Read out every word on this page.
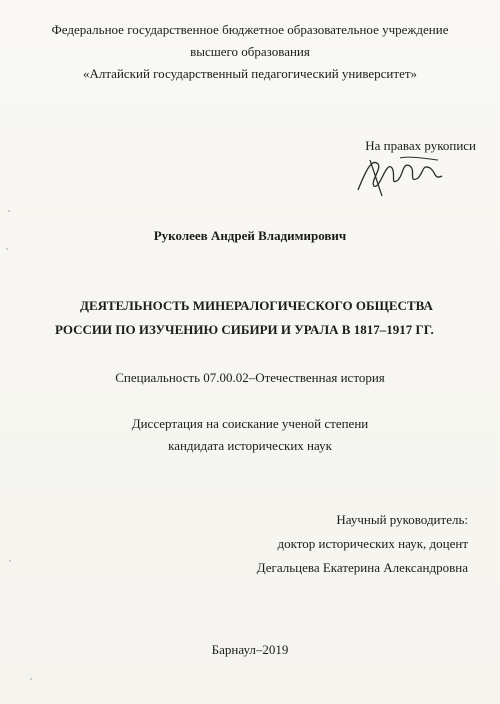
Федеральное государственное бюджетное образовательное учреждение
высшего образования
«Алтайский государственный педагогический университет»
На правах рукописи
Руколеев Андрей Владимирович
ДЕЯТЕЛЬНОСТЬ МИНЕРАЛОГИЧЕСКОГО ОБЩЕСТВА
РОССИИ ПО ИЗУЧЕНИЮ СИБИРИ И УРАЛА В 1817–1917 ГГ.
Специальность 07.00.02–Отечественная история
Диссертация на соискание ученой степени
кандидата исторических наук
Научный руководитель:
доктор исторических наук, доцент
Дегальцева Екатерина Александровна
Барнаул–2019
